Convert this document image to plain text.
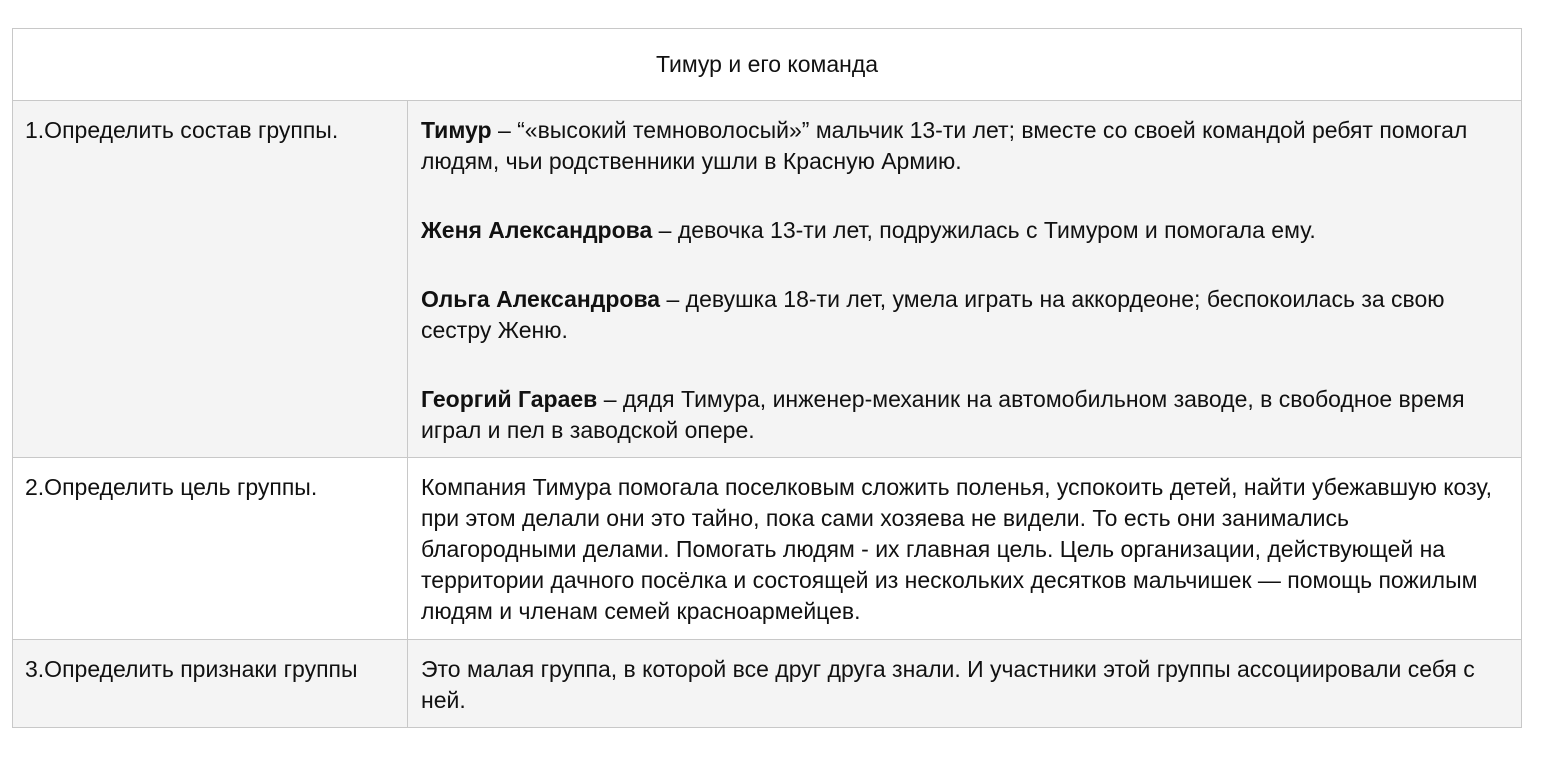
Тимур и его команда	
1.Определить состав группы.	Тимур – “«высокий темноволосый»” мальчик 13-ти лет; вместе со своей командой ребят помогал людям, чьи родственники ушли в Красную Армию.

Женя Александрова – девочка 13-ти лет, подружилась с Тимуром и помогала ему.

Ольга Александрова – девушка 18-ти лет, умела играть на аккордеоне; беспокоилась за свою сестру Женю.

Георгий Гараев – дядя Тимура, инженер-механик на автомобильном заводе, в свободное время играл и пел в заводской опере.

2.Определить цель группы.	Компания Тимура помогала поселковым сложить поленья, успокоить детей, найти убежавшую козу, при этом делали они это тайно, пока сами хозяева не видели. То есть они занимались благородными делами. Помогать людям - их главная цель. Цель организации, действующей на территории дачного посёлка и состоящей из нескольких десятков мальчишек — помощь пожилым людям и членам семей красноармейцев.
3.Определить признаки группы	Это малая группа, в которой все друг друга знали. И участники этой группы ассоциировали себя с ней.
